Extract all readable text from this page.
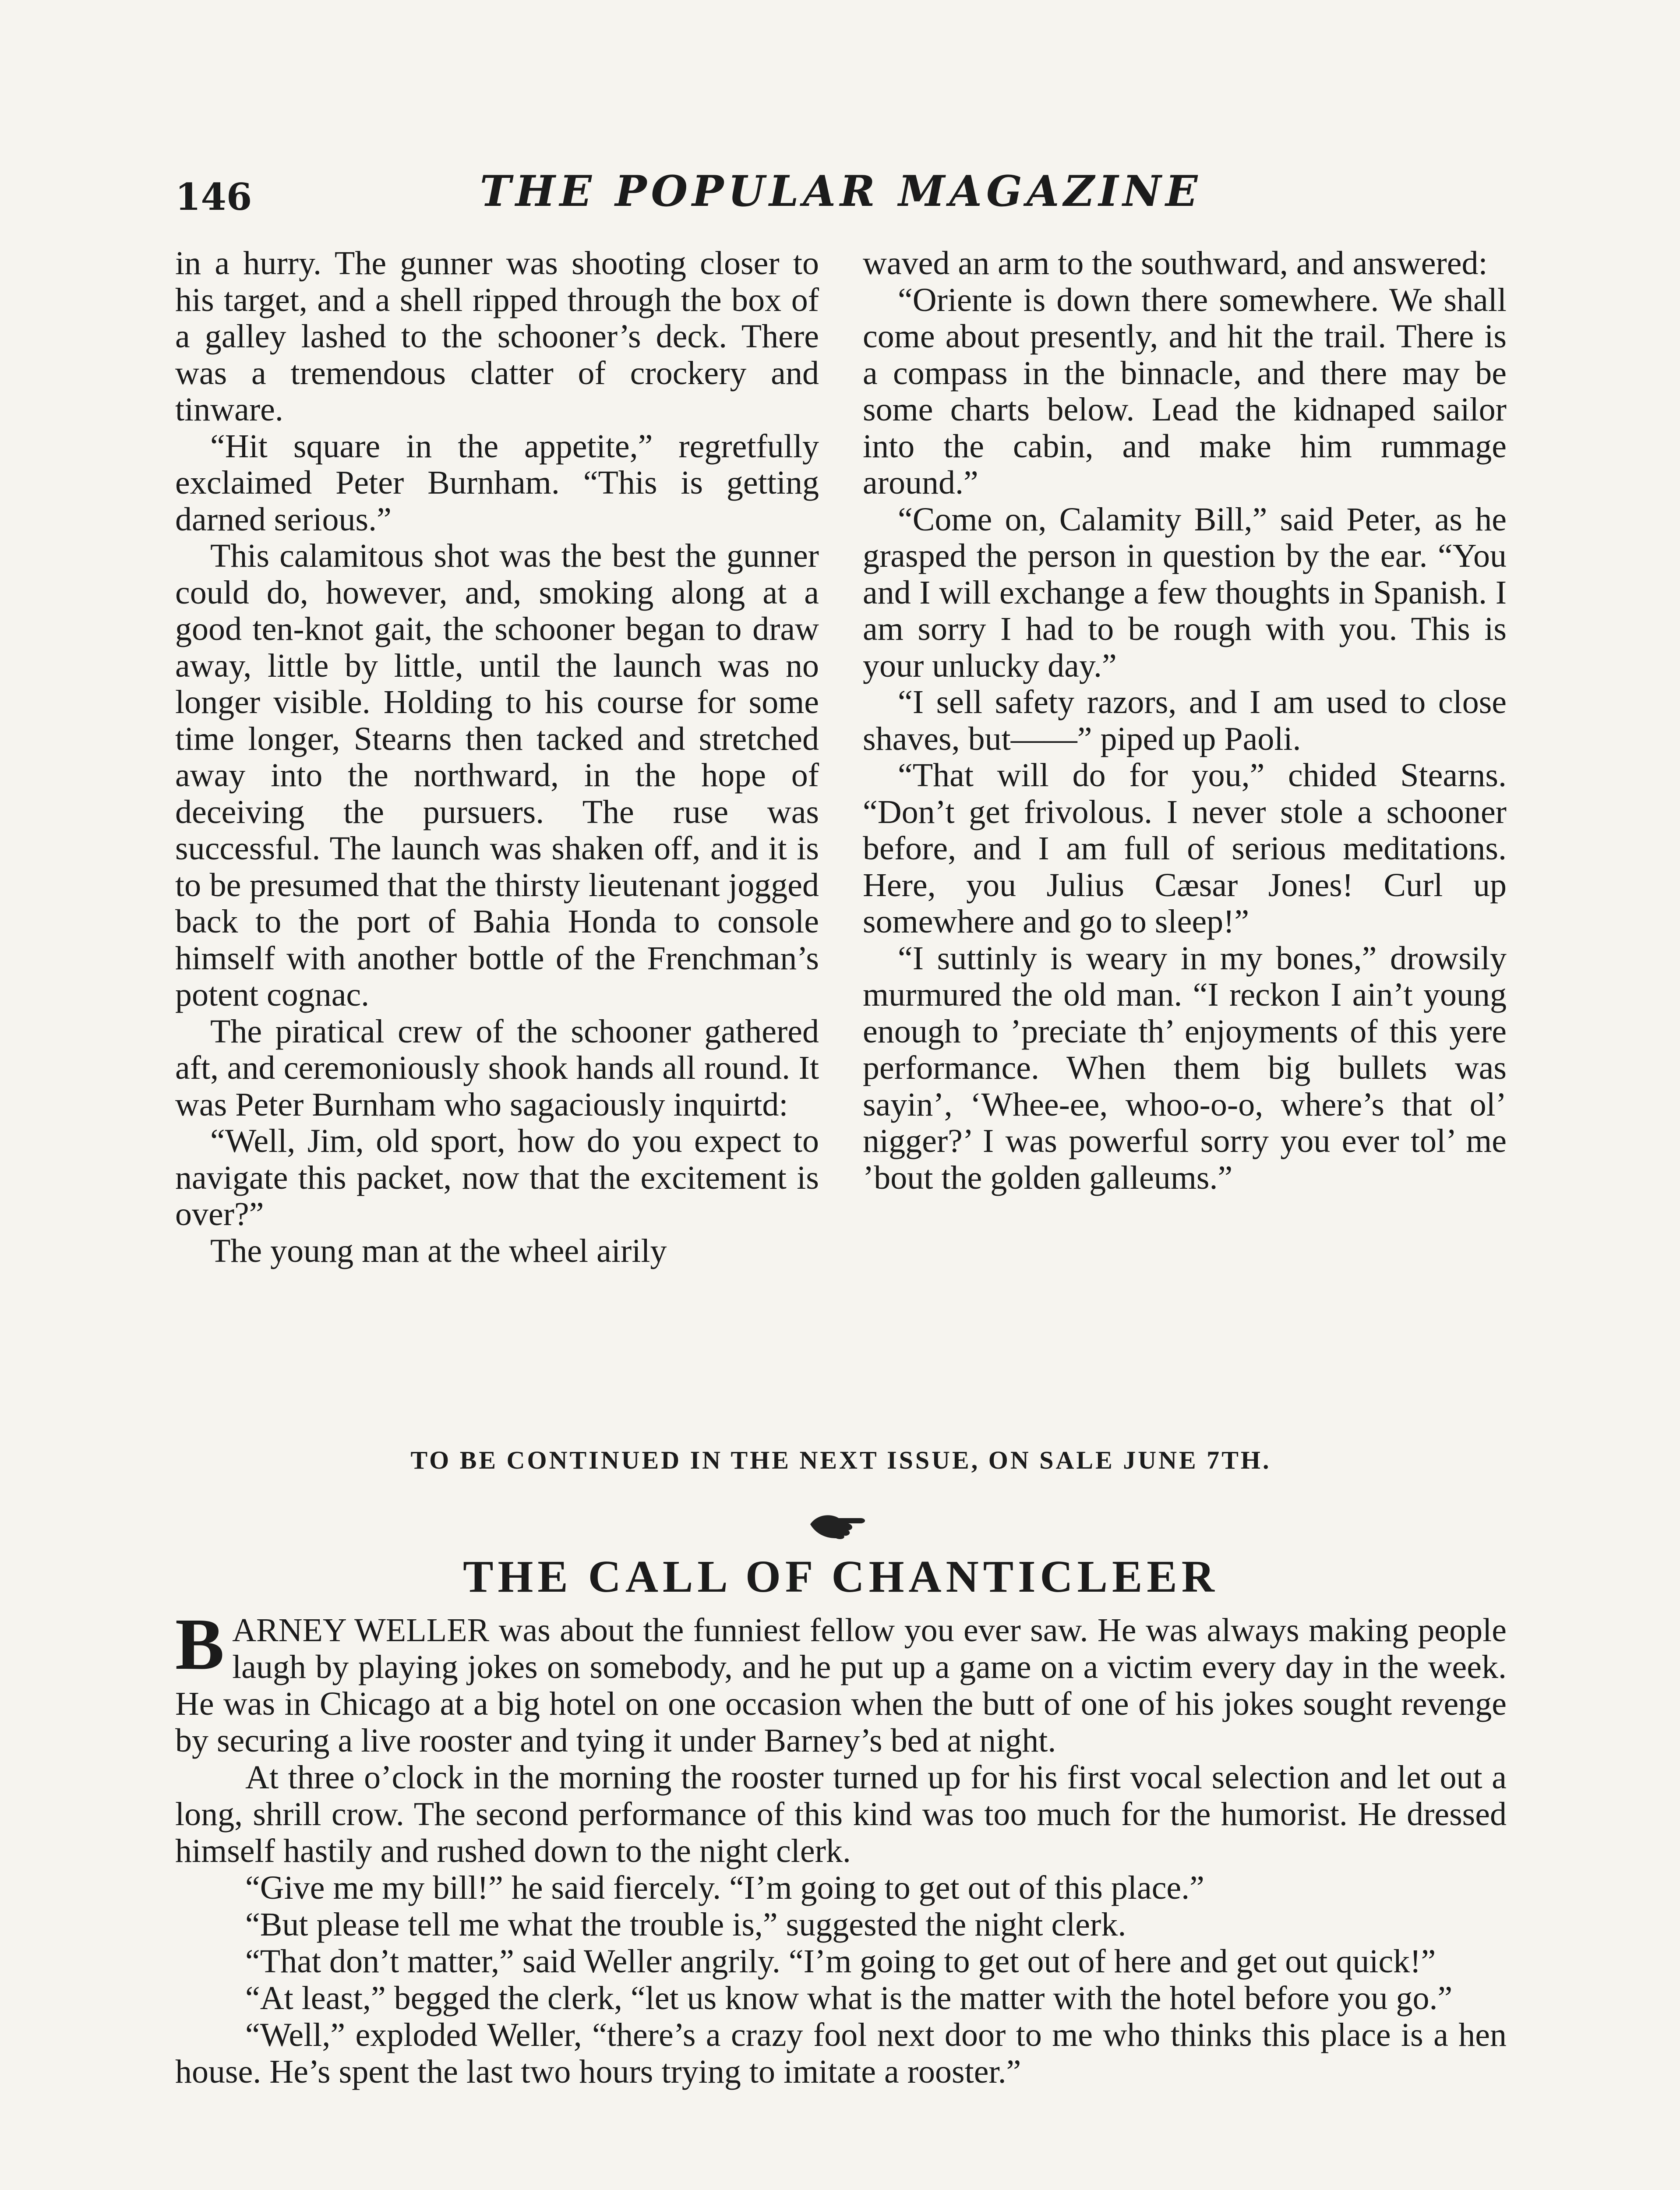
146	THE POPULAR MAGAZINE

in a hurry. The gunner was shooting closer to his target, and a shell ripped through the box of a galley lashed to the schooner’s deck. There was a tremendous clatter of crockery and tinware.

“Hit square in the appetite,” regretfully exclaimed Peter Burnham. “This is getting darned serious.”

This calamitous shot was the best the gunner could do, however, and, smoking along at a good ten-knot gait, the schooner began to draw away, little by little, until the launch was no longer visible. Holding to his course for some time longer, Stearns then tacked and stretched away into the northward, in the hope of deceiving the pursuers. The ruse was successful. The launch was shaken off, and it is to be presumed that the thirsty lieutenant jogged back to the port of Bahia Honda to console himself with another bottle of the Frenchman’s potent cognac.

The piratical crew of the schooner gathered aft, and ceremoniously shook hands all round. It was Peter Burnham who sagaciously inquirtd:

“Well, Jim, old sport, how do you expect to navigate this packet, now that the excitement is over?”

The young man at the wheel airily

waved an arm to the southward, and answered:

“Oriente is down there somewhere. We shall come about presently, and hit the trail. There is a compass in the binnacle, and there may be some charts below. Lead the kidnaped sailor into the cabin, and make him rummage around.”

“Come on, Calamity Bill,” said Peter, as he grasped the person in question by the ear. “You and I will exchange a few thoughts in Spanish. I am sorry I had to be rough with you. This is your unlucky day.”

“I sell safety razors, and I am used to close shaves, but——” piped up Paoli.

“That will do for you,” chided Stearns. “Don’t get frivolous. I never stole a schooner before, and I am full of serious meditations. Here, you Julius Cæsar Jones! Curl up somewhere and go to sleep!”

“I suttinly is weary in my bones,” drowsily murmured the old man. “I reckon I ain’t young enough to ’preciate th’ enjoyments of this yere performance. When them big bullets was sayin’, ‘Whee-ee, whoo-o-o, where’s that ol’ nigger?’ I was powerful sorry you ever tol’ me ’bout the golden galleums.”

TO BE CONTINUED IN THE NEXT ISSUE, ON SALE JUNE 7TH.
THE CALL OF CHANTICLEER

BARNEY WELLER was about the funniest fellow you ever saw. He was always making people laugh by playing jokes on somebody, and he put up a game on a victim every day in the week. He was in Chicago at a big hotel on one occasion when the butt of one of his jokes sought revenge by securing a live rooster and tying it under Barney’s bed at night.

At three o’clock in the morning the rooster turned up for his first vocal selection and let out a long, shrill crow. The second performance of this kind was too much for the humorist. He dressed himself hastily and rushed down to the night clerk.

“Give me my bill!” he said fiercely. “I’m going to get out of this place.”

“But please tell me what the trouble is,” suggested the night clerk.

“That don’t matter,” said Weller angrily. “I’m going to get out of here and get out quick!”

“At least,” begged the clerk, “let us know what is the matter with the hotel before you go.”

“Well,” exploded Weller, “there’s a crazy fool next door to me who thinks this place is a hen house. He’s spent the last two hours trying to imitate a rooster.”
